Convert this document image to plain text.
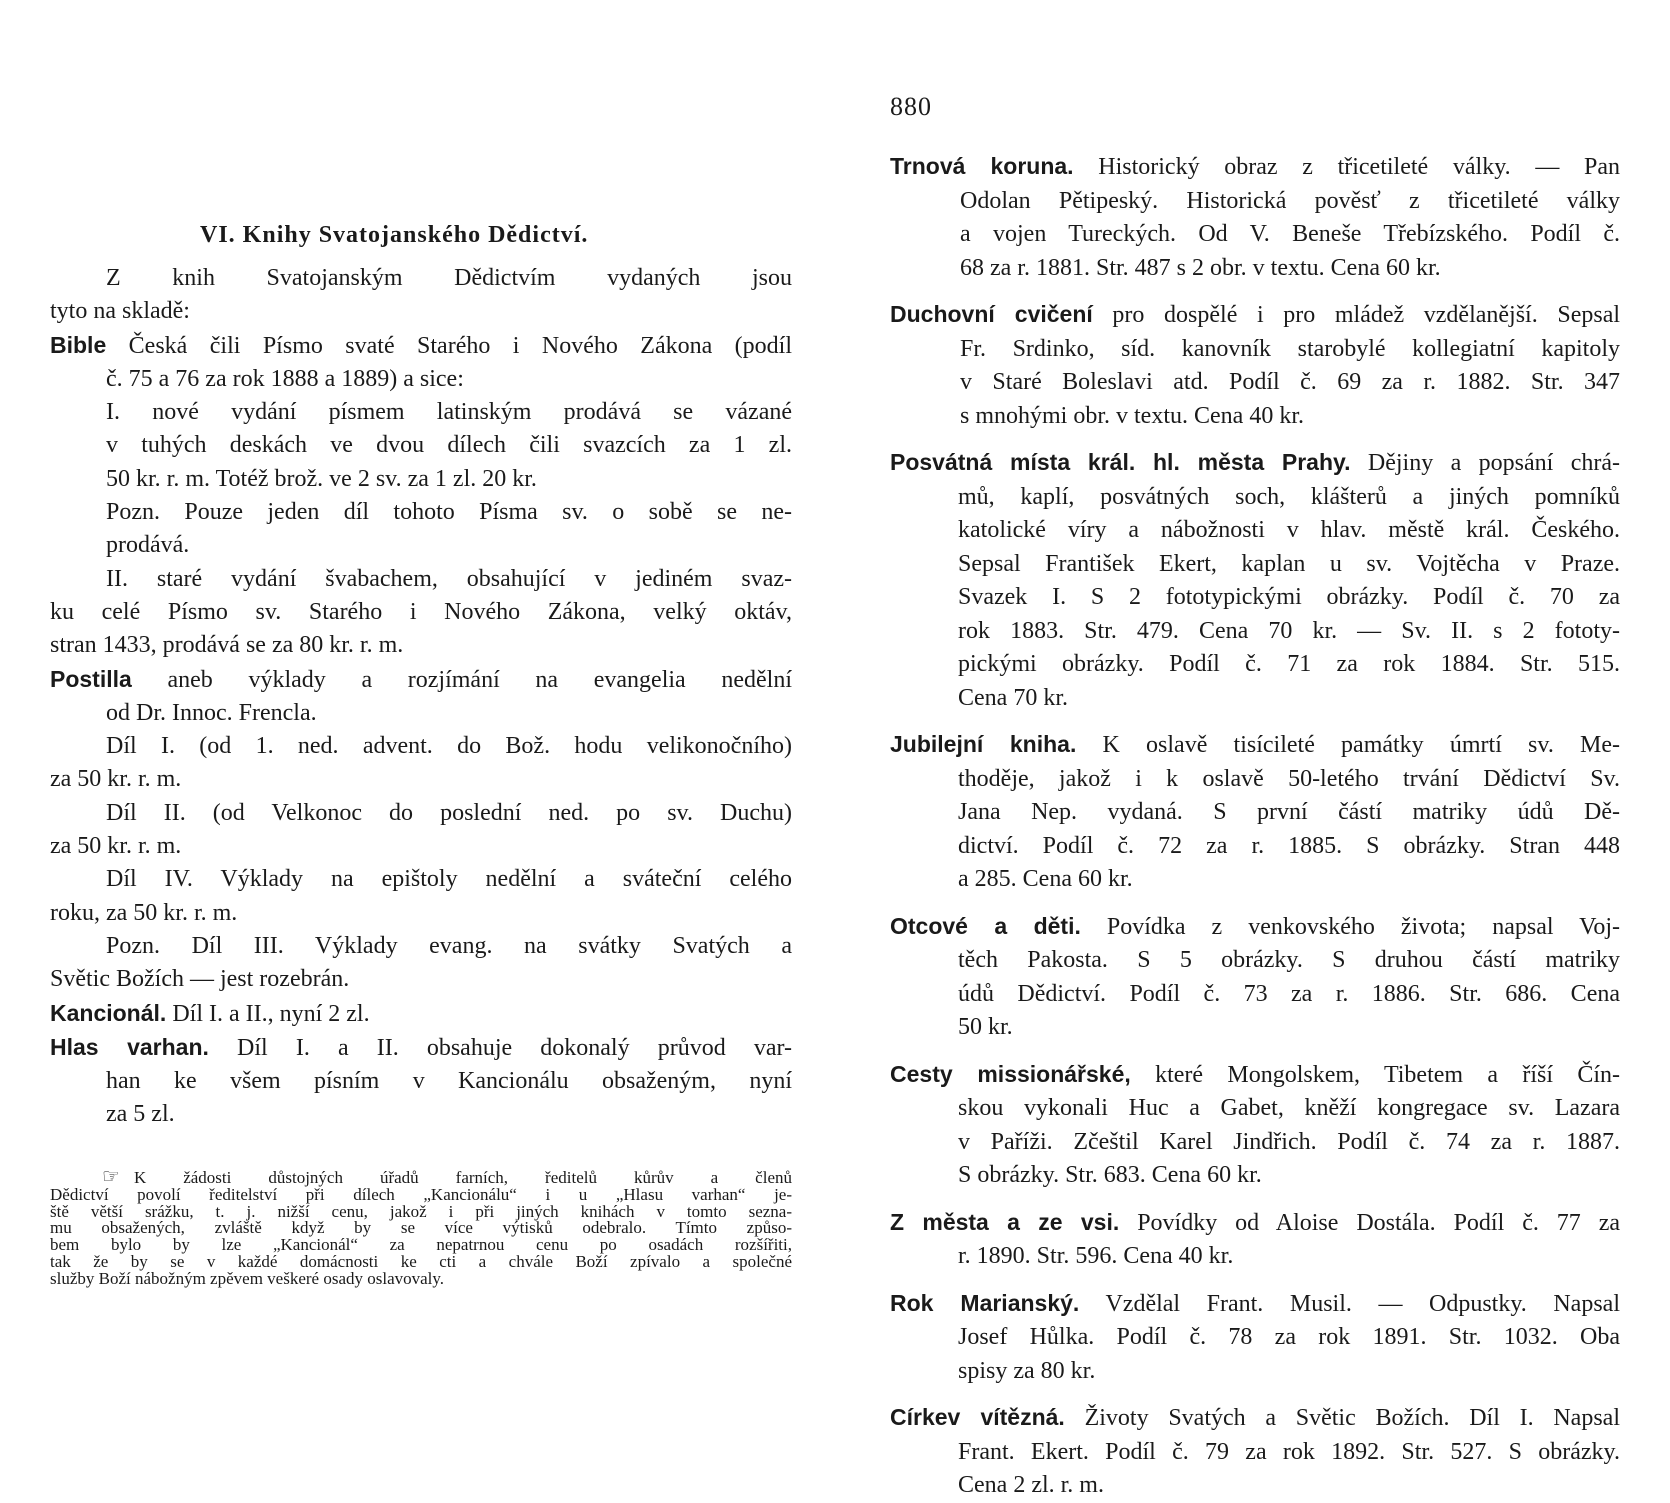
VI. Knihy Svatojanského Dědictví.
Z knih Svatojanským Dědictvím vydaných jsou
tyto na skladě:
Bible Česká čili Písmo svaté Starého i Nového Zákona (podíl
č. 75 a 76 za rok 1888 a 1889) a sice:
I. nové vydání písmem latinským prodává se vázané
v tuhých deskách ve dvou dílech čili svazcích za 1 zl.
50 kr. r. m. Totéž brož. ve 2 sv. za 1 zl. 20 kr.
Pozn. Pouze jeden díl tohoto Písma sv. o sobě se ne-
prodává.
II. staré vydání švabachem, obsahující v jediném svaz-
ku celé Písmo sv. Starého i Nového Zákona, velký oktáv,
stran 1433, prodává se za 80 kr. r. m.
Postilla aneb výklady a rozjímání na evangelia nedělní
od Dr. Innoc. Frencla.
Díl I. (od 1. ned. advent. do Bož. hodu velikonočního)
za 50 kr. r. m.
Díl II. (od Velkonoc do poslední ned. po sv. Duchu)
za 50 kr. r. m.
Díl IV. Výklady na epištoly nedělní a sváteční celého
roku, za 50 kr. r. m.
Pozn. Díl III. Výklady evang. na svátky Svatých a
Světic Božích — jest rozebrán.
Kancionál. Díl I. a II., nyní 2 zl.
Hlas varhan. Díl I. a II. obsahuje dokonalý průvod var-
han ke všem písním v Kancionálu obsaženým, nyní
za 5 zl.
☞ K žádosti důstojných úřadů farních, ředitelů kůrův a členů
Dědictví povolí ředitelství při dílech „Kancionálu“ i u „Hlasu varhan“ je-
ště větší srážku, t. j. nižší cenu, jakož i při jiných knihách v tomto sezna-
mu obsažených, zvláště když by se více výtisků odebralo. Tímto způso-
bem bylo by lze „Kancionál“ za nepatrnou cenu po osadách rozšířiti,
tak že by se v každé domácnosti ke cti a chvále Boží zpívalo a společné
služby Boží nábožným zpěvem veškeré osady oslavovaly.
880
Trnová koruna. Historický obraz z třicetileté války. — Pan
Odolan Pětipeský. Historická pověsť z třicetileté války
a vojen Tureckých. Od V. Beneše Třebízského. Podíl č.
68 za r. 1881. Str. 487 s 2 obr. v textu. Cena 60 kr.
Duchovní cvičení pro dospělé i pro mládež vzdělanější. Sepsal
Fr. Srdinko, síd. kanovník starobylé kollegiatní kapitoly
v Staré Boleslavi atd. Podíl č. 69 za r. 1882. Str. 347
s mnohými obr. v textu. Cena 40 kr.
Posvátná místa král. hl. města Prahy. Dějiny a popsání chrá-
mů, kaplí, posvátných soch, klášterů a jiných pomníků
katolické víry a nábožnosti v hlav. městě král. Českého.
Sepsal František Ekert, kaplan u sv. Vojtěcha v Praze.
Svazek I. S 2 fototypickými obrázky. Podíl č. 70 za
rok 1883. Str. 479. Cena 70 kr. — Sv. II. s 2 fototy-
pickými obrázky. Podíl č. 71 za rok 1884. Str. 515.
Cena 70 kr.
Jubilejní kniha. K oslavě tisícileté památky úmrtí sv. Me-
thoděje, jakož i k oslavě 50-letého trvání Dědictví Sv.
Jana Nep. vydaná. S první částí matriky údů Dě-
dictví. Podíl č. 72 za r. 1885. S obrázky. Stran 448
a 285. Cena 60 kr.
Otcové a děti. Povídka z venkovského života; napsal Voj-
těch Pakosta. S 5 obrázky. S druhou částí matriky
údů Dědictví. Podíl č. 73 za r. 1886. Str. 686. Cena
50 kr.
Cesty missionářské, které Mongolskem, Tibetem a říší Čín-
skou vykonali Huc a Gabet, kněží kongregace sv. Lazara
v Paříži. Zčeštil Karel Jindřich. Podíl č. 74 za r. 1887.
S obrázky. Str. 683. Cena 60 kr.
Z města a ze vsi. Povídky od Aloise Dostála. Podíl č. 77 za
r. 1890. Str. 596. Cena 40 kr.
Rok Marianský. Vzdělal Frant. Musil. — Odpustky. Napsal
Josef Hůlka. Podíl č. 78 za rok 1891. Str. 1032. Oba
spisy za 80 kr.
Církev vítězná. Životy Svatých a Světic Božích. Díl I. Napsal
Frant. Ekert. Podíl č. 79 za rok 1892. Str. 527. S obrázky.
Cena 2 zl. r. m.
